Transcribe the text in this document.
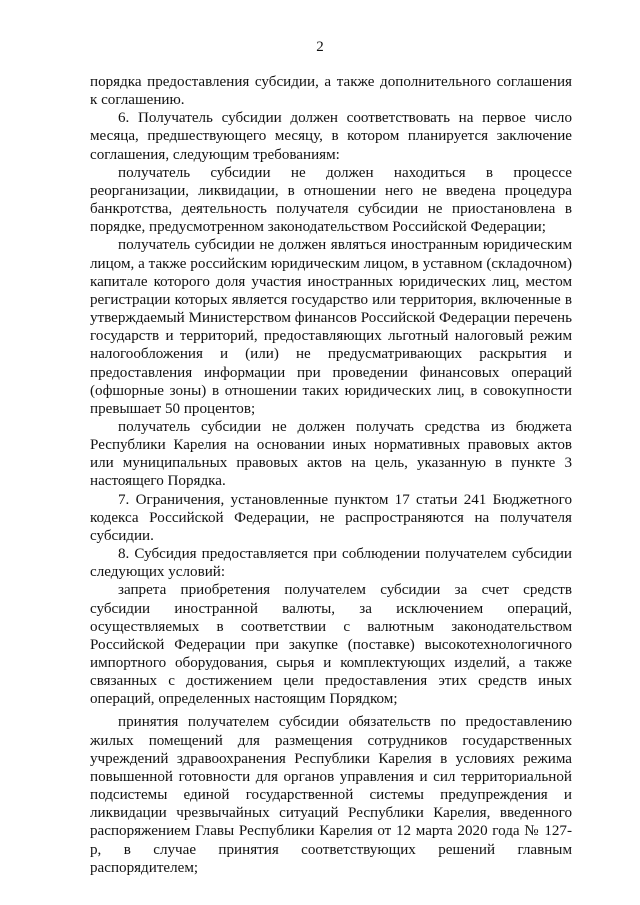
2

порядка предоставления субсидии, а также дополнительного соглашения к соглашению.

6. Получатель субсидии должен соответствовать на первое число месяца, предшествующего месяцу, в котором планируется заключение соглашения, следующим требованиям:

получатель субсидии не должен находиться в процессе реорганизации, ликвидации, в отношении него не введена процедура банкротства, деятельность получателя субсидии не приостановлена в порядке, предусмотренном законодательством Российской Федерации;

получатель субсидии не должен являться иностранным юридическим лицом, а также российским юридическим лицом, в уставном (складочном) капитале которого доля участия иностранных юридических лиц, местом регистрации которых является государство или территория, включенные в утверждаемый Министерством финансов Российской Федерации перечень государств и территорий, предоставляющих льготный налоговый режим налогообложения и (или) не предусматривающих раскрытия и предоставления информации при проведении финансовых операций (офшорные зоны) в отношении таких юридических лиц, в совокупности превышает 50 процентов;

получатель субсидии не должен получать средства из бюджета Республики Карелия на основании иных нормативных правовых актов или муниципальных правовых актов на цель, указанную в пункте 3 настоящего Порядка.

7. Ограничения, установленные пунктом 17 статьи 241 Бюджетного кодекса Российской Федерации, не распространяются на получателя субсидии.

8. Субсидия предоставляется при соблюдении получателем субсидии следующих условий:

запрета приобретения получателем субсидии за счет средств субсидии иностранной валюты, за исключением операций, осуществляемых в соответствии с валютным законодательством Российской Федерации при закупке (поставке) высокотехнологичного импортного оборудования, сырья и комплектующих изделий, а также связанных с достижением цели предоставления этих средств иных операций, определенных настоящим Порядком;

принятия получателем субсидии обязательств по предоставлению жилых помещений для размещения сотрудников государственных учреждений здравоохранения Республики Карелия в условиях режима повышенной готовности для органов управления и сил территориальной подсистемы единой государственной системы предупреждения и ликвидации чрезвычайных ситуаций Республики Карелия, введенного распоряжением Главы Республики Карелия от 12 марта 2020 года № 127-р, в случае принятия соответствующих решений главным распорядителем;
